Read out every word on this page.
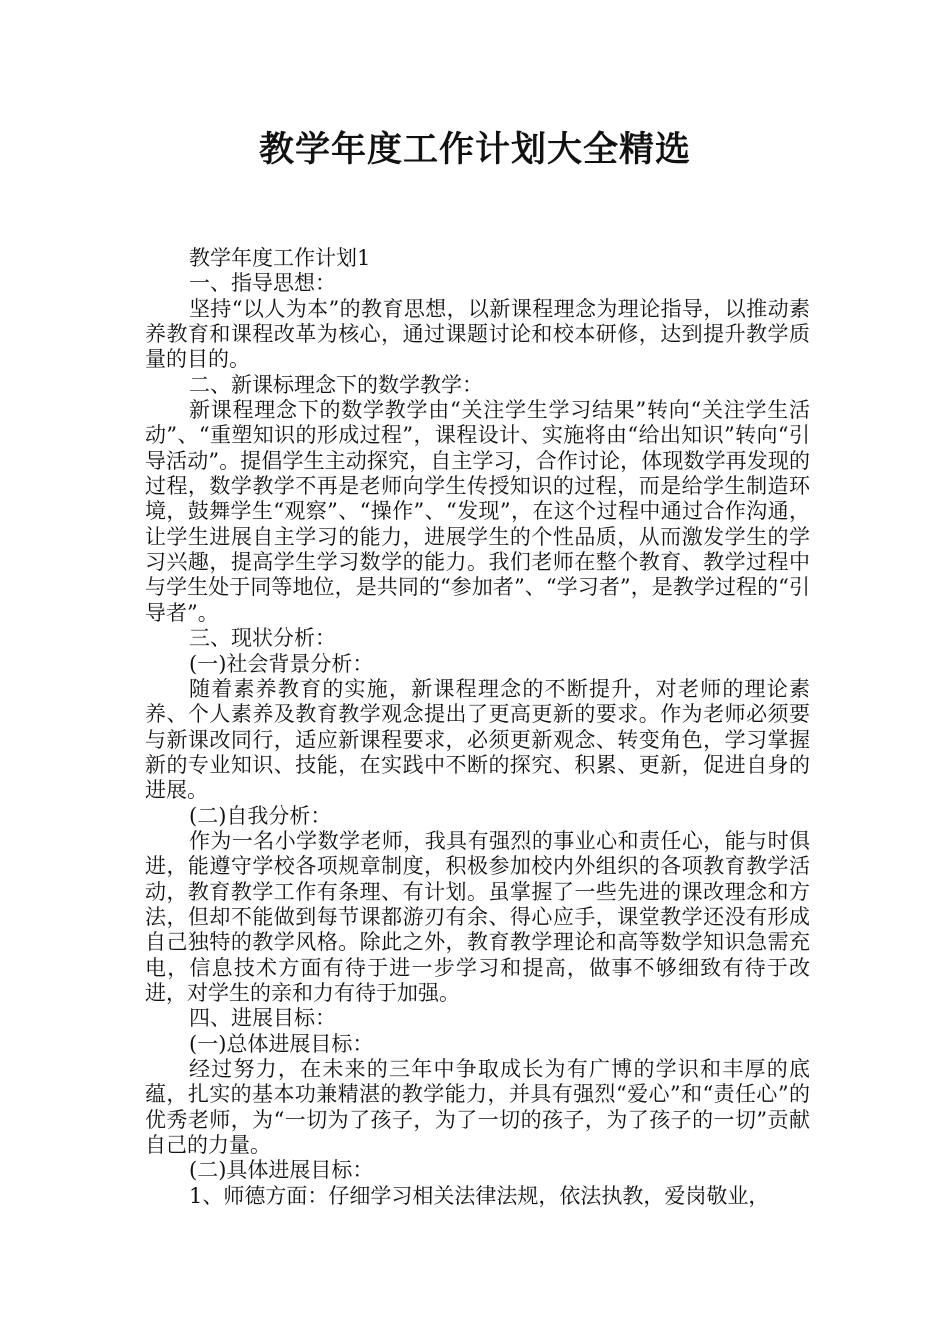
教学年度工作计划大全精选

教学年度工作计划1

一、指导思想：

坚持“以人为本”的教育思想，以新课程理念为理论指导，以推动素养教育和课程改革为核心，通过课题讨论和校本研修，达到提升教学质量的目的。

二、新课标理念下的数学教学：

新课程理念下的数学教学由“关注学生学习结果”转向“关注学生活动”、“重塑知识的形成过程”，课程设计、实施将由“给出知识”转向“引导活动”。提倡学生主动探究，自主学习，合作讨论，体现数学再发现的过程，数学教学不再是老师向学生传授知识的过程，而是给学生制造环境，鼓舞学生“观察”、“操作”、“发现”，在这个过程中通过合作沟通，让学生进展自主学习的能力，进展学生的个性品质，从而激发学生的学习兴趣，提高学生学习数学的能力。我们老师在整个教育、教学过程中与学生处于同等地位，是共同的“参加者”、“学习者”，是教学过程的“引导者”。

三、现状分析：

(一)社会背景分析：

随着素养教育的实施，新课程理念的不断提升，对老师的理论素养、个人素养及教育教学观念提出了更高更新的要求。作为老师必须要与新课改同行，适应新课程要求，必须更新观念、转变角色，学习掌握新的专业知识、技能，在实践中不断的探究、积累、更新，促进自身的进展。

(二)自我分析：

作为一名小学数学老师，我具有强烈的事业心和责任心，能与时俱进，能遵守学校各项规章制度，积极参加校内外组织的各项教育教学活动，教育教学工作有条理、有计划。虽掌握了一些先进的课改理念和方法，但却不能做到每节课都游刃有余、得心应手，课堂教学还没有形成自己独特的教学风格。除此之外，教育教学理论和高等数学知识急需充电，信息技术方面有待于进一步学习和提高，做事不够细致有待于改进，对学生的亲和力有待于加强。

四、进展目标：

(一)总体进展目标：

经过努力，在未来的三年中争取成长为有广博的学识和丰厚的底蕴，扎实的基本功兼精湛的教学能力，并具有强烈“爱心”和“责任心”的优秀老师，为“一切为了孩子，为了一切的孩子，为了孩子的一切”贡献自己的力量。

(二)具体进展目标：

1、师德方面：仔细学习相关法律法规，依法执教，爱岗敬业，
